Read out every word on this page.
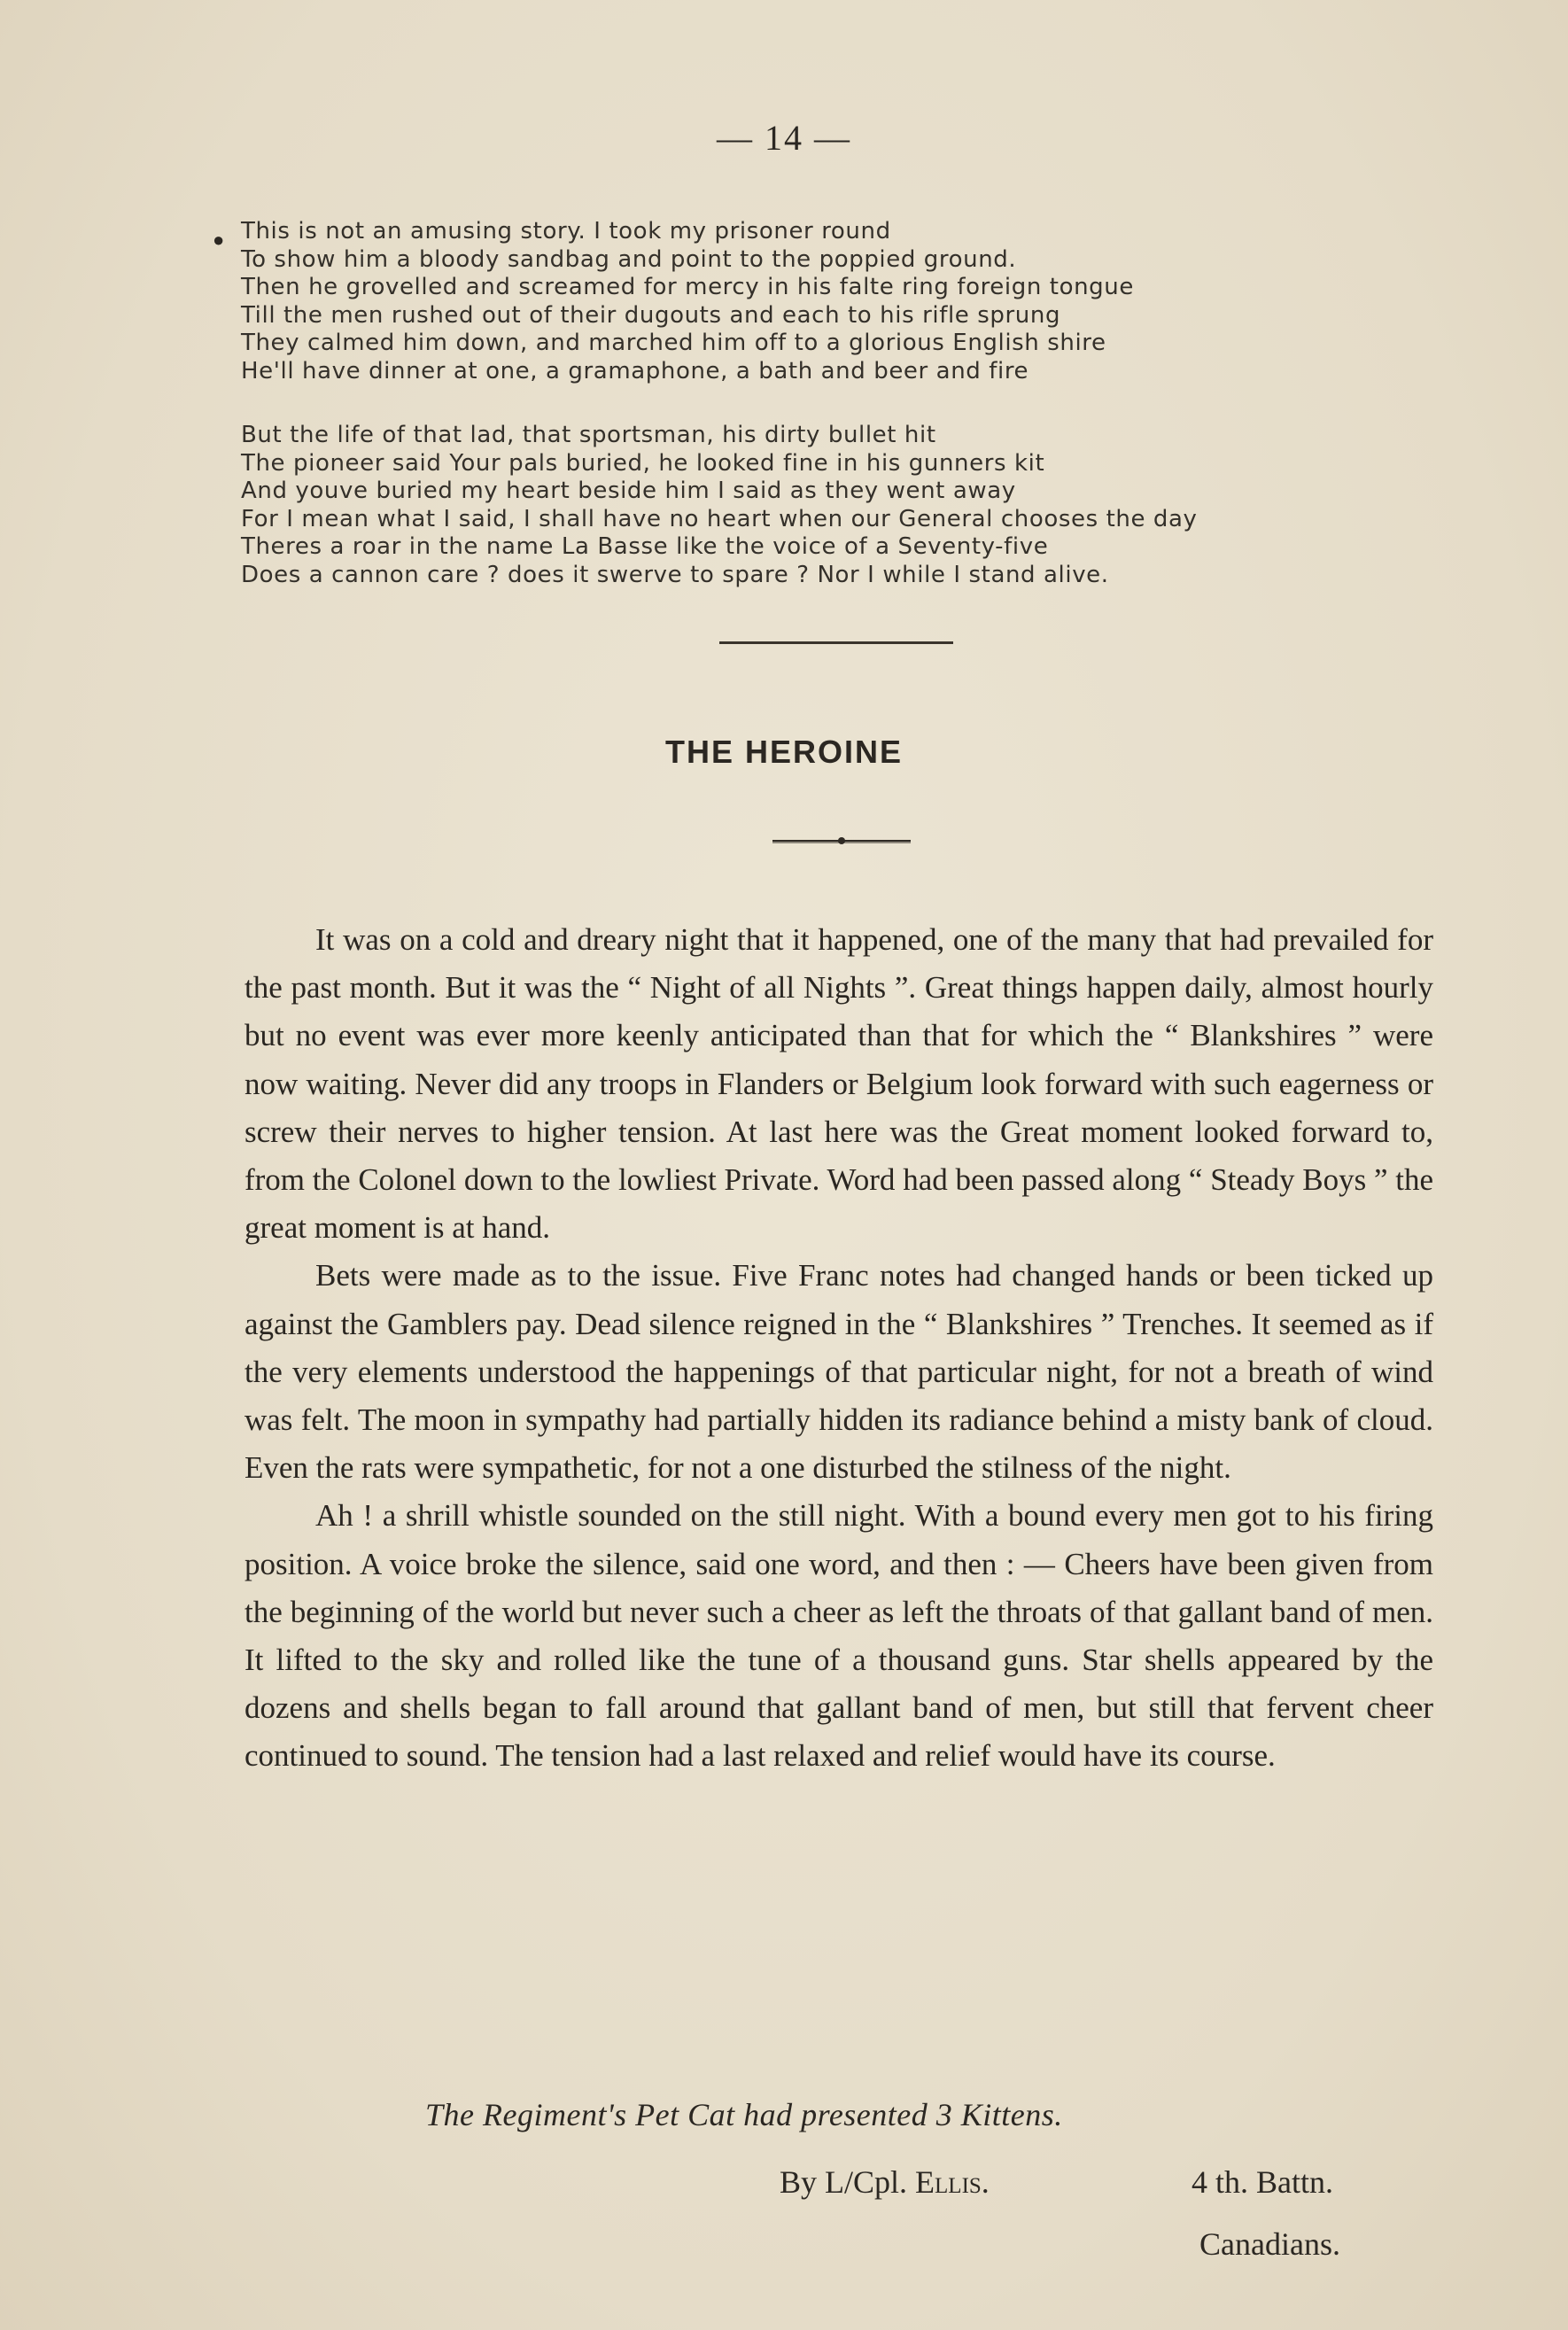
— 14 —
● This is not an amusing story. I took my prisoner round
To show him a bloody sandbag and point to the poppied ground.
Then he grovelled and screamed for mercy in his falte ring foreign tongue
Till the men rushed out of their dugouts and each to his rifle sprung
They calmed him down, and marched him off to a glorious English shire
He'll have dinner at one, a gramaphone, a bath and beer and fire
But the life of that lad, that sportsman, his dirty bullet hit
The pioneer said Your pals buried, he looked fine in his gunners kit
And youve buried my heart beside him I said as they went away
For I mean what I said, I shall have no heart when our General chooses the day
Theres a roar in the name La Basse like the voice of a Seventy-five
Does a cannon care ? does it swerve to spare ? Nor I while I stand alive.
THE HEROINE

It was on a cold and dreary night that it happened, one of the many that had prevailed for the past month. But it was the “ Night of all Nights ”. Great things happen daily, almost hourly but no event was ever more keenly anticipated than that for which the “ Blankshires ” were now waiting. Never did any troops in Flanders or Belgium look forward with such eagerness or screw their nerves to higher tension. At last here was the Great moment looked forward to, from the Colonel down to the lowliest Private. Word had been passed along “ Steady Boys ” the great moment is at hand.

Bets were made as to the issue. Five Franc notes had changed hands or been ticked up against the Gamblers pay. Dead silence reigned in the “ Blankshires ” Trenches. It seemed as if the very elements understood the happenings of that particular night, for not a breath of wind was felt. The moon in sympathy had partially hidden its radiance behind a misty bank of cloud. Even the rats were sympathetic, for not a one disturbed the stilness of the night.

Ah ! a shrill whistle sounded on the still night. With a bound every men got to his firing position. A voice broke the silence, said one word, and then : — Cheers have been given from the beginning of the world but never such a cheer as left the throats of that gallant band of men. It lifted to the sky and rolled like the tune of a thousand guns. Star shells appeared by the dozens and shells began to fall around that gallant band of men, but still that fervent cheer continued to sound. The tension had a last relaxed and relief would have its course.

The Regiment's Pet Cat had presented 3 Kittens.
By L/Cpl. Ellis.	4 th. Battn.
Canadians.
